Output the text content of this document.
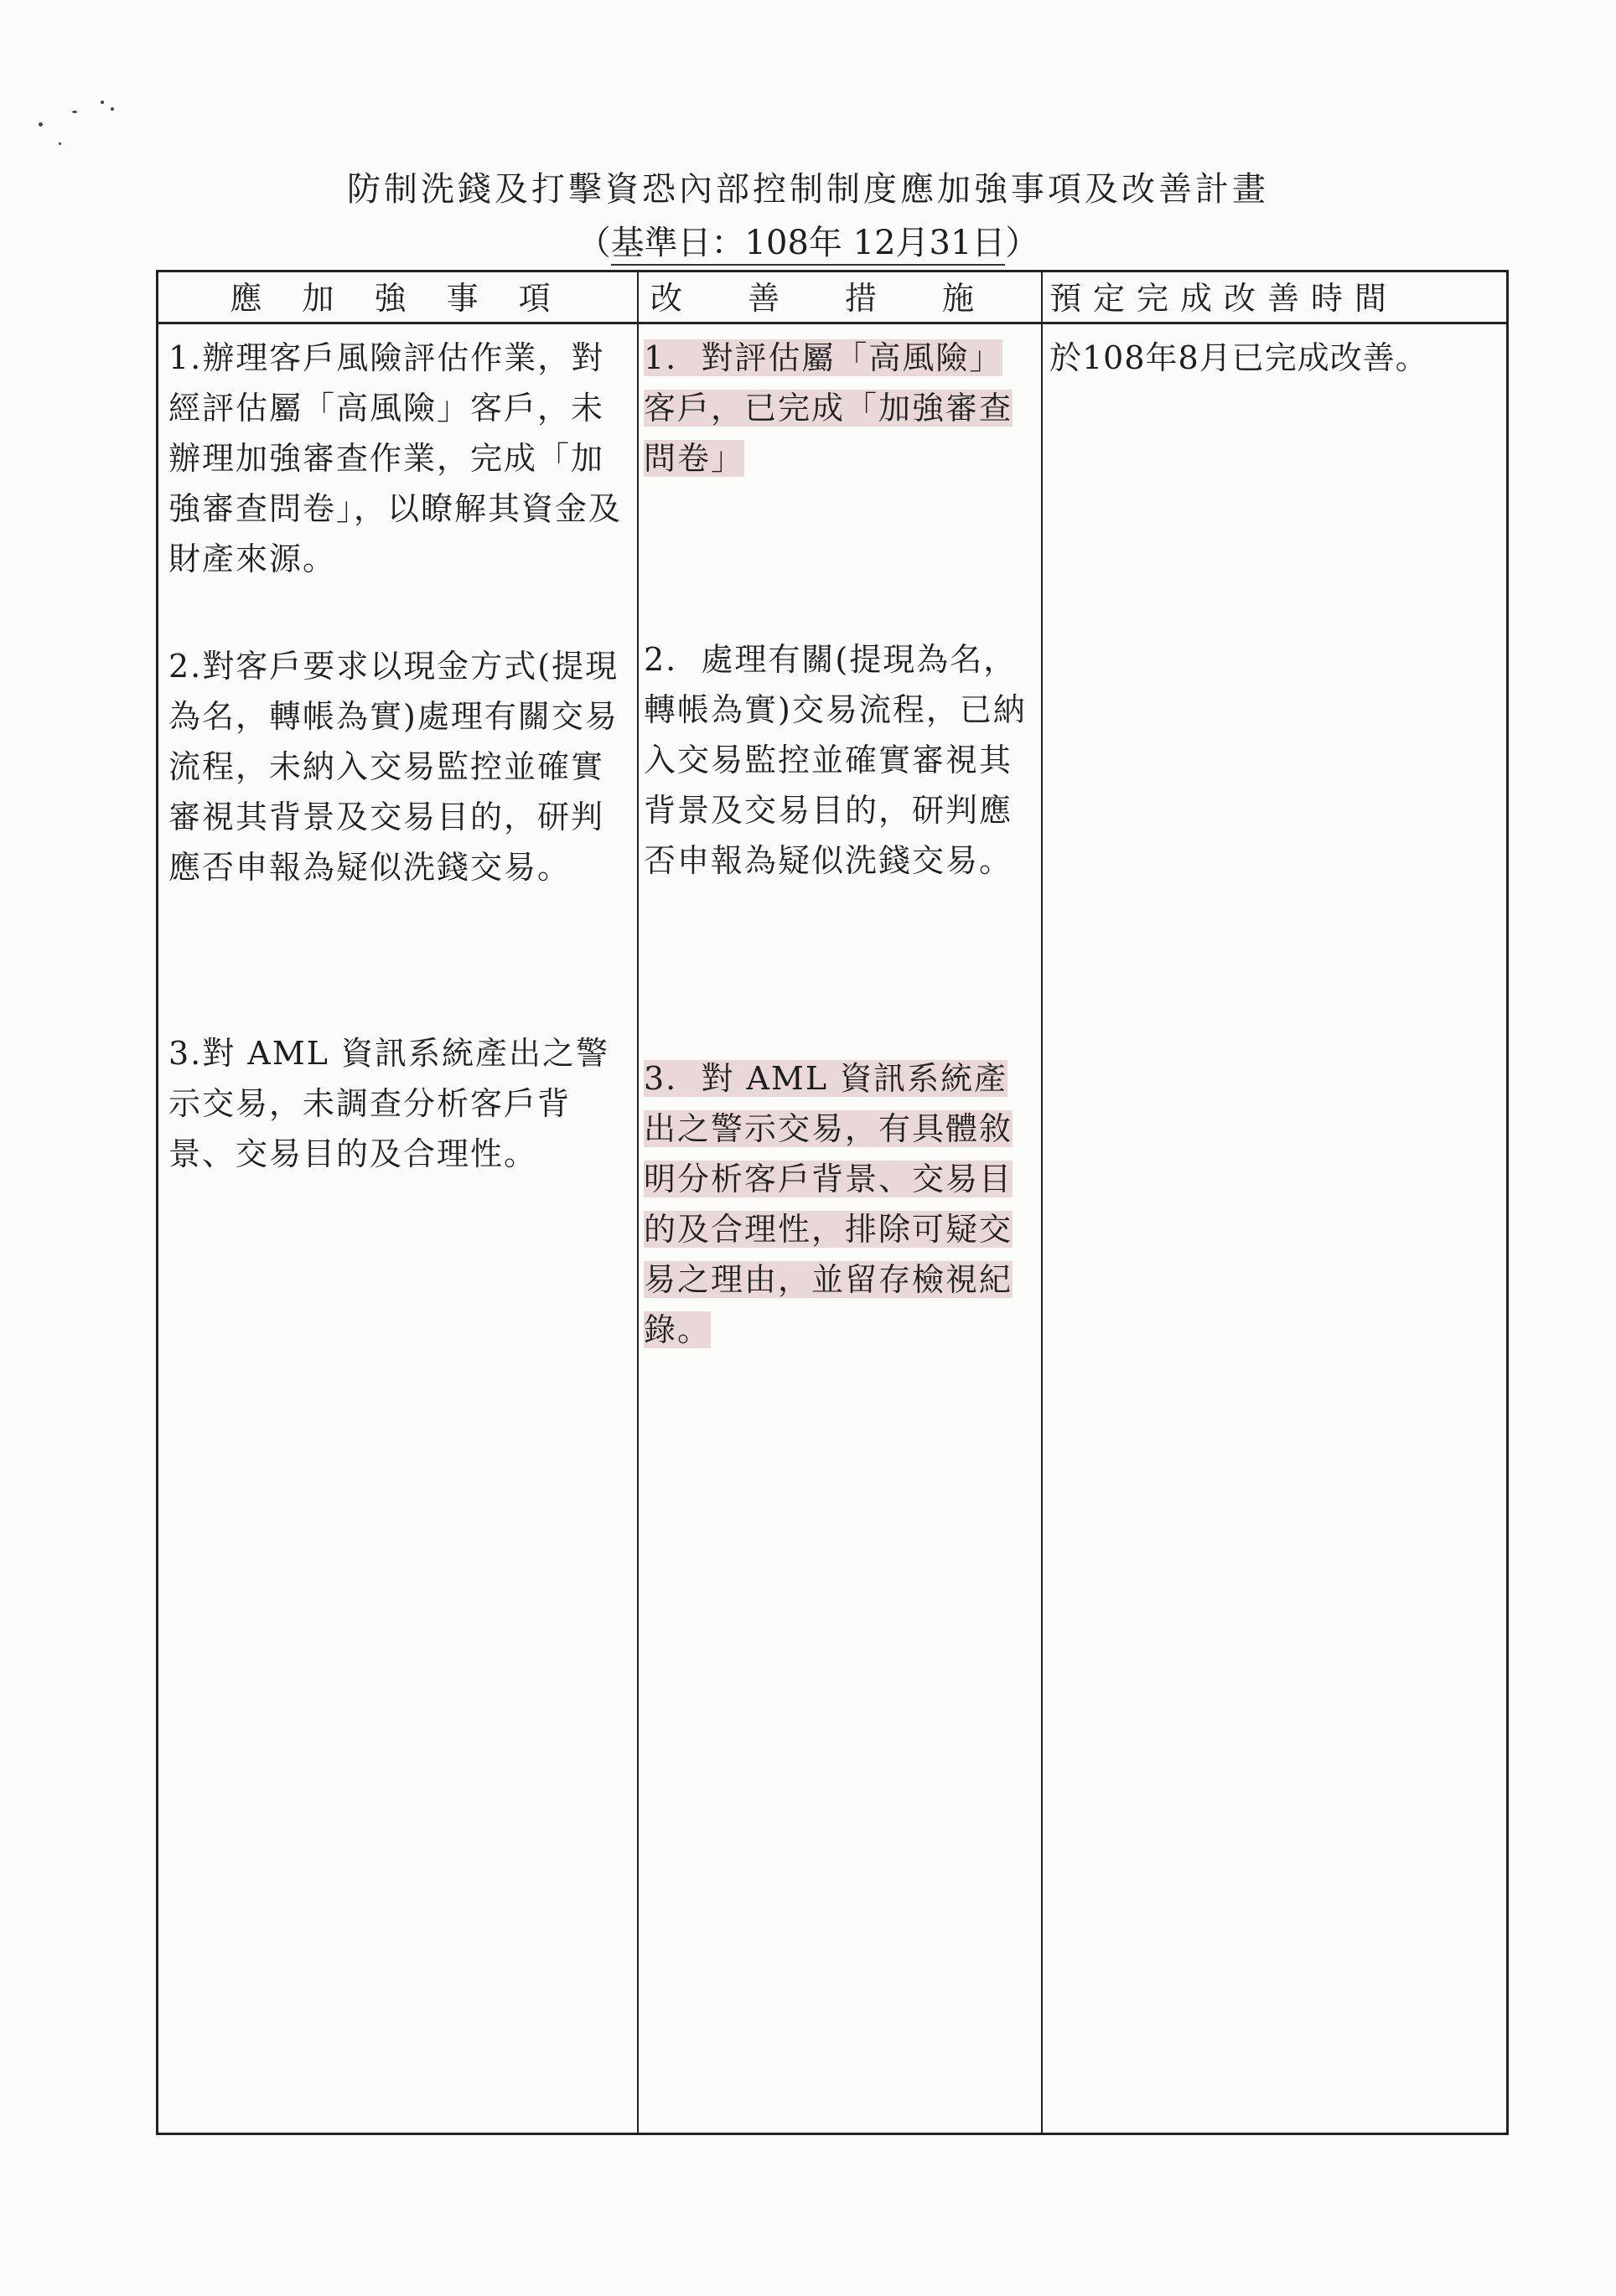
防制洗錢及打擊資恐內部控制制度應加強事項及改善計畫
（基準日：108年 12月31日）
應 加 強 事 項	改　善　措　施	預定完成改善時間
1.辦理客戶風險評估作業，對經評估屬「高風險」客戶，未辦理加強審查作業，完成「加強審查問卷」，以瞭解其資金及財產來源。
2.對客戶要求以現金方式(提現為名，轉帳為實)處理有關交易流程，未納入交易監控並確實審視其背景及交易目的，研判應否申報為疑似洗錢交易。
3.對 AML 資訊系統產出之警示交易，未調查分析客戶背景、交易目的及合理性。
1.  對評估屬「高風險」客戶，已完成「加強審查問卷」
2.  處理有關(提現為名，轉帳為實)交易流程，已納入交易監控並確實審視其背景及交易目的，研判應否申報為疑似洗錢交易。
3.  對 AML 資訊系統產出之警示交易，有具體敘明分析客戶背景、交易目的及合理性，排除可疑交易之理由，並留存檢視紀錄。
於108年8月已完成改善。
